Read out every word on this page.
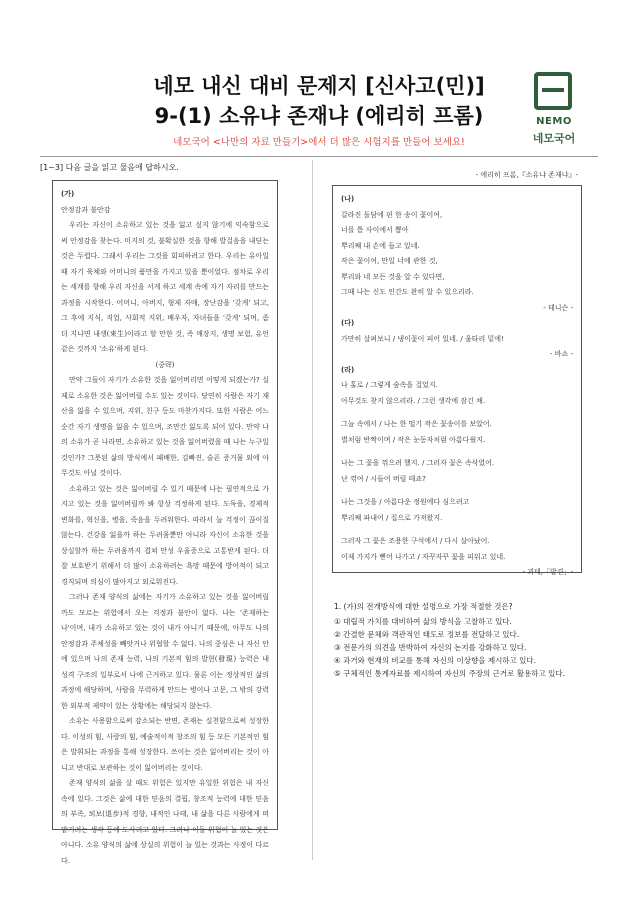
네모 내신 대비 문제지 [신사고(민)]
9-(1) 소유냐 존재냐 (에리히 프롬)
네모국어 <나만의 자료 만들기>에서 더 많은 시험지를 만들어 보세요!
NEMO
네모국어
[1~3] 다음 글을 읽고 물음에 답하시오.

(가)

안정감과 불안감

우리는 자신이 소유하고 있는 것을 잃고 싶지 않기에 익숙함으로써 안정감을 찾는다. 미지의 것, 불확실한 것을 향해 발걸음을 내딛는 것은 두렵다. 그래서 우리는 그것을 회피하려고 한다. 우리는 유아일 때 자기 육체와 어머니의 품만을 가지고 있을 뿐이었다. 점차로 우리는 세계를 향해 우리 자신을 서게 하고 세계 속에 자기 자리를 만드는 과정을 시작한다. 어머니, 아버지, 형제 자매, 장난감을 '갖게' 되고, 그 후에 지식, 직업, 사회적 지위, 배우자, 자녀들을 '갖게' 되며, 좀 더 지나면 내생(來生)이라고 할 만한 것, 즉 매장지, 생명 보험, 유언 같은 것까지 '소유'하게 된다.

(중략)

만약 그들이 자기가 소유한 것을 잃어버리면 어떻게 되겠는가? 실제로 소유한 것은 잃어버릴 수도 있는 것이다. 당연히 사람은 자기 재산을 잃을 수 있으며, 지위, 친구 등도 마찬가지다. 또한 사람은 어느 순간 자기 생명을 잃을 수 있으며, 조만간 잃도록 되어 있다. 만약 나의 소유가 곧 나라면, 소유하고 있는 것을 잃어버렸을 때 나는 누구일 것인가? 그릇된 삶의 방식에서 패배한, 김빠진, 슬픈 증거물 외에 아무것도 아닐 것이다.

소유하고 있는 것은 잃어버릴 수 있기 때문에 나는 필연적으로 가지고 있는 것을 잃어버릴까 봐 항상 걱정하게 된다. 도둑을, 경제적 변화를, 혁신을, 병을, 죽음을 두려워한다. 따라서 늘 걱정이 끊이질 않는다. 건강을 잃을까 하는 두려움뿐만 아니라 자신이 소유한 것을 상실할까 하는 두려움까지 겹쳐 만성 우울증으로 고통받게 된다. 더 잘 보호받기 위해서 더 많이 소유하려는 욕망 때문에 방어적이 되고 경직되며 의심이 많아지고 외로워진다.

그러나 존재 양식의 삶에는 자기가 소유하고 있는 것을 잃어버릴까도 모르는 위험에서 오는 걱정과 불안이 없다. 나는 '존재하는 나'이며, 내가 소유하고 있는 것이 내가 아니기 때문에, 아무도 나의 안정감과 주체성을 빼앗거나 위협할 수 없다. 나의 중심은 나 자신 안에 있으며 나의 존재 능력, 나의 기본적 힘의 발현(發現) 능력은 내 성격 구조의 일부로서 나에 근거하고 있다. 물론 이는 정상적인 삶의 과정에 해당하며, 사람을 무력하게 만드는 병이나 고문, 그 밖의 강력한 외부적 제약이 있는 상황에는 해당되지 않는다.

소유는 사용함으로써 감소되는 반면, 존재는 실천함으로써 성장한다. 이성의 힘, 사랑의 힘, 예술적이적 창조의 힘 등 모든 기본적인 힘은 발휘되는 과정을 통해 성장한다. 쓰이는 것은 잃어버리는 것이 아니고 반대로 보관하는 것이 잃어버리는 것이다.

존재 양식의 삶을 살 때도 위험은 있지만 유일한 위험은 내 자신 속에 있다. 그것은 삶에 대한 믿음의 결핍, 창조적 능력에 대한 믿음의 부족, 퇴보(退步)적 경향, 내적인 나태, 내 삶을 다른 사람에게 떠맡기려는 생각 등에 도사리고 있다. 그러나 이들 위험이 늘 있는 것은 아니다. 소유 양식의 삶에 상실의 위험이 늘 있는 것과는 사정이 다르다.

- 에리히 프롬,『소유냐 존재냐』-

(나)

갈라진 돌담에 핀 한 송이 꽃이여,

너를 틈 사이에서 뽑아

뿌리째 내 손에 들고 있네.

작은 꽃이여, 만일 너에 관한 것,

뿌리와 네 모든 것을 알 수 있다면,

그때 나는 신도 인간도 완히 알 수 있으리라.

- 테니슨 -

(다)

가만히 살펴보니 / 냉이꽃이 피어 있네. / 울타리 밑에!

- 바쇼 -

(라)

나 홀로 / 그렇게 숲속을 걸었지.

아무것도 찾지 않으리라. / 그런 생각에 잠긴 채.

그늘 속에서 / 나는 한 떨기 작은 꽃송이를 보았어.

별처럼 반짝이며 / 작은 눈동자처럼 아름다웠지.

나는 그 꽃을 꺾으려 했지. / 그러자 꽃은 속삭였어.

난 꺾여 / 시들어 버릴 테죠?

나는 그것을 / 아름다운 정원에다 심으려고

뿌리째 파내어 / 집으로 가져왔지.

그러자 그 꽃은 조용한 구석에서 / 다시 살아났어.

이제 가지가 뻗어 나가고 / 자꾸자꾸 꽃을 피워고 있네.

- 괴테,「발견」-

1. (가)의 전개방식에 대한 설명으로 가장 적절한 것은?

① 대립적 가치를 대비하여 삶의 방식을 고찰하고 있다.

② 간결한 문체와 객관적인 태도로 정보를 전달하고 있다.

③ 전문가의 의견을 반박하여 자신의 논지를 강화하고 있다.

④ 과거와 현재의 비교를 통해 자신의 이상향을 제시하고 있다.

⑤ 구체적인 통계자료를 제시하여 자신의 주장의 근거로 활용하고 있다.
